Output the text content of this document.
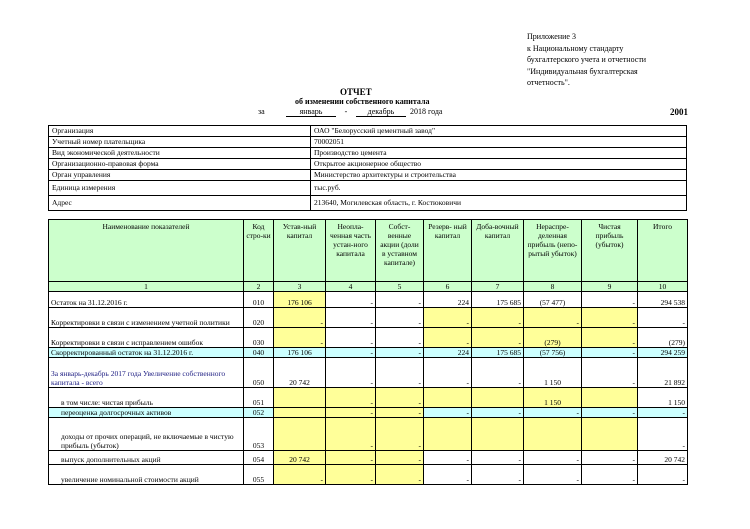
Приложение 3
к Национальному стандарту
бухгалтерского учета и отчетности
"Индивидуальная бухгалтерская
отчетность".
ОТЧЕТ
об изменении собственного капитала
за	январь	-	декабрь	2018 года	2001
Организация	ОАО "Белорусский цементный завод"
Учетный номер плательщика	70002051
Вид экономической деятельности	Производство цемента
Организационно-правовая форма	Открытое акционерное общество
Орган управления	Министерство архитектуры и строительства
Единица измерения	тыс.руб.
Адрес	213640, Могилевская область, г. Костюковичи
Наименование показателей	Код стро-ки	Устав-ный капитал	Неопла-ченная часть устан-ного капитала	Собст-венные акции (доли в уставном капитале)	Резерв- ный капитал	Доба-вочный капитал	Нераспре-деленная прибыль (непо-рытый убыток)	Чистая прибыль (убыток)	Итого
1	2	3	4	5	6	7	8	9	10
Остаток на 31.12.2016 г.	010	176 106	-	-	224	175 685	(57 477)	-	294 538
Корректировки в связи с изменением учетной политики	020	-	-	-	-	-	-	-	-
Корректировки в связи с исправлением ошибок	030	-	-	-	-	-	(279)	-	(279)
Скорректированный остаток на 31.12.2016 г.	040	176 106	-	-	224	175 685	(57 756)	-	294 259
За январь-декабрь 2017 года Увеличение собственного капитала - всего	050	20 742	-	-	-	-	1 150	-	21 892
в том числе: чистая прибыль	051		-	-			1 150		1 150
переоценка долгосрочных активов	052		-	-	-	-	-	-	-
доходы от прочих операций, не включаемые в чистую прибыль (убыток)	053		-	-					-
выпуск дополнительных акций	054	20 742	-	-	-	-	-	-	20 742
увеличение номинальной стоимости акций	055	-	-	-	-	-	-	-	-
